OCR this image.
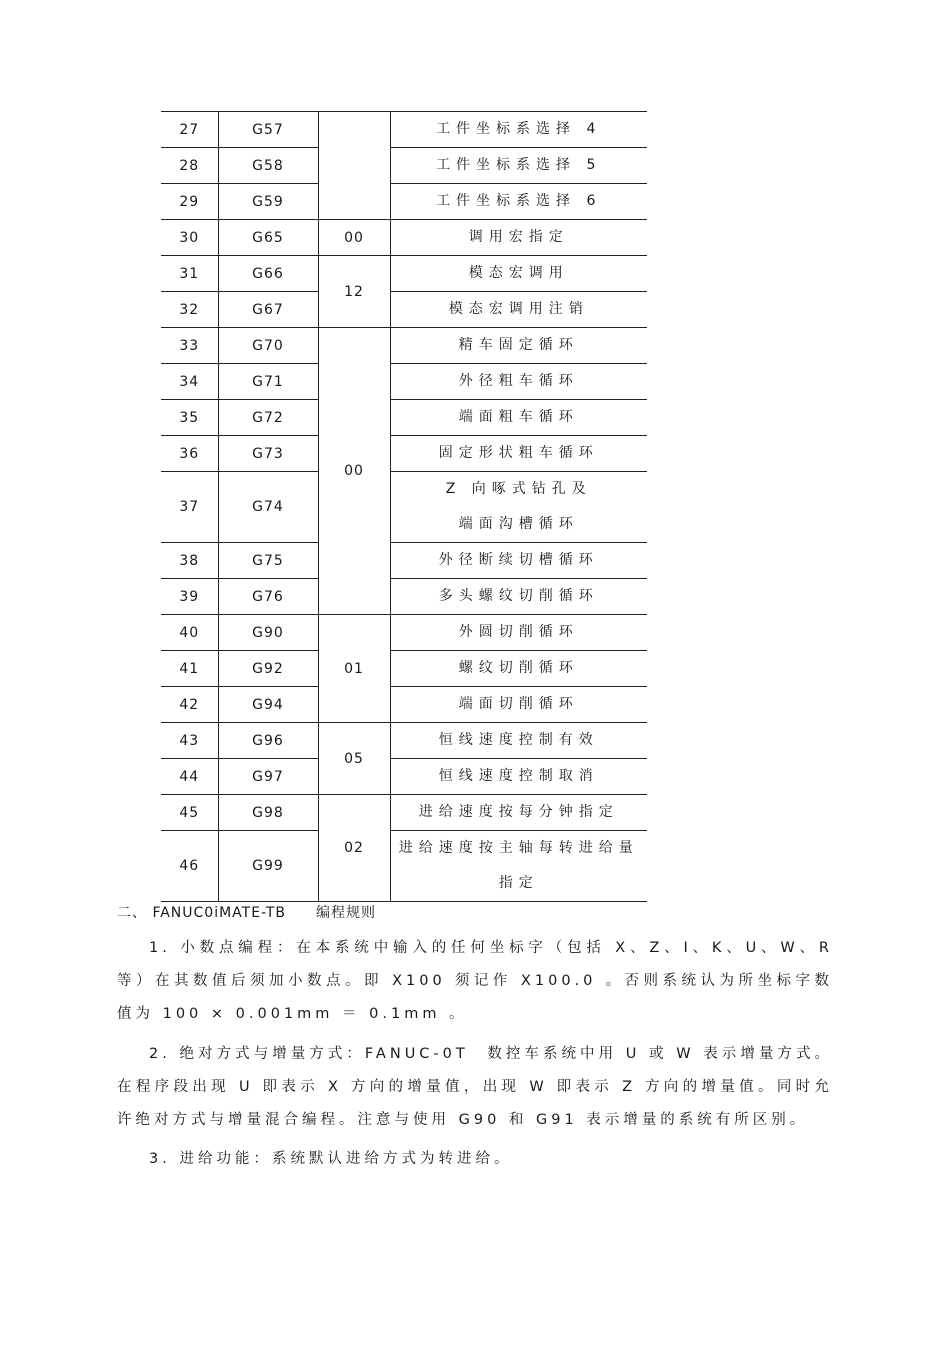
27	G57		工件坐标系选择 4
28	G58		工件坐标系选择 5
29	G59		工件坐标系选择 6
30	G65	00	调用宏指定
31	G66	12	模态宏调用
32	G67		模态宏调用注销
33	G70	00	精车固定循环
34	G71		外径粗车循环
35	G72		端面粗车循环
36	G73		固定形状粗车循环
37	G74		Z 向啄式钻孔及
端面沟槽循环

38	G75		外径断续切槽循环
39	G76		多头螺纹切削循环
40	G90	01	外圆切削循环
41	G92		螺纹切削循环
42	G94		端面切削循环
43	G96	05	恒线速度控制有效
44	G97		恒线速度控制取消
45	G98	02	进给速度按每分钟指定
46	G99		进给速度按主轴每转进给量
指定
二、 FANUC0iMATE-TB　　编程规则

1. 小数点编程：在本系统中输入的任何坐标字（包括 X、Z、I、K、U、W、R 等）在其数值后须加小数点。即 X100 须记作 X100.0 。否则系统认为所坐标字数值为 100 × 0.001mm ＝ 0.1mm 。

2. 绝对方式与增量方式：FANUC-0T　数控车系统中用 U 或 W 表示增量方式。在程序段出现 U 即表示 X 方向的增量值，出现 W 即表示 Z 方向的增量值。同时允许绝对方式与增量混合编程。注意与使用 G90 和 G91 表示增量的系统有所区别。

3. 进给功能：系统默认进给方式为转进给。
